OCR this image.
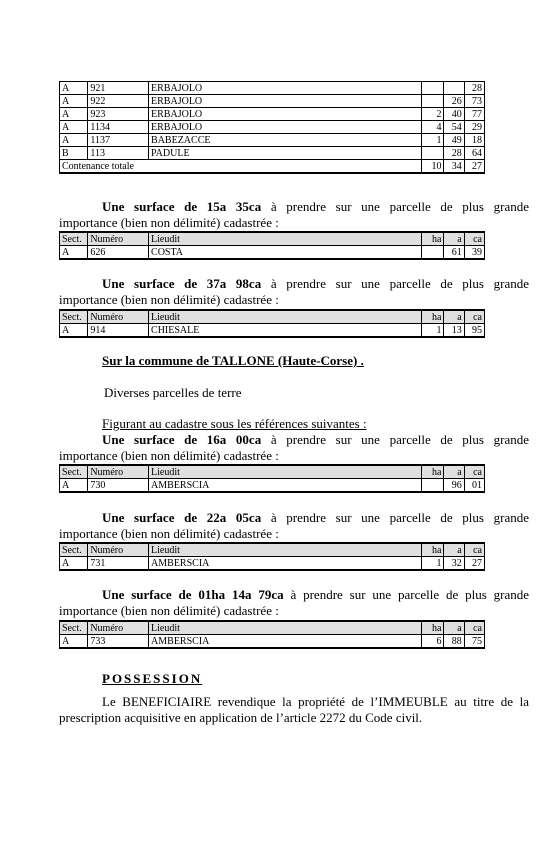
A	921	ERBAJOLO			28
A	922	ERBAJOLO		26	73
A	923	ERBAJOLO	2	40	77
A	1134	ERBAJOLO	4	54	29
A	1137	BABEZACCE	1	49	18
B	113	PADULE		28	64
Contenance totale			10	34	27
Une surface de 15a 35ca à prendre sur une parcelle de plus grande
importance (bien non délimité) cadastrée :
Sect.	Numéro	Lieudit	ha	a	ca
A	626	COSTA		61	39
Une surface de 37a 98ca à prendre sur une parcelle de plus grande
importance (bien non délimité) cadastrée :
Sect.	Numéro	Lieudit	ha	a	ca
A	914	CHIESALE	1	13	95
Sur la commune de TALLONE (Haute-Corse) .
Diverses parcelles de terre
Figurant au cadastre sous les références suivantes :
Une surface de 16a 00ca à prendre sur une parcelle de plus grande
importance (bien non délimité) cadastrée :
Sect.	Numéro	Lieudit	ha	a	ca
A	730	AMBERSCIA		96	01
Une surface de 22a 05ca à prendre sur une parcelle de plus grande
importance (bien non délimité) cadastrée :
Sect.	Numéro	Lieudit	ha	a	ca
A	731	AMBERSCIA	1	32	27
Une surface de 01ha 14a 79ca à prendre sur une parcelle de plus grande
importance (bien non délimité) cadastrée :
Sect.	Numéro	Lieudit	ha	a	ca
A	733	AMBERSCIA	6	88	75
POSSESSION
Le BENEFICIAIRE revendique la propriété de l’IMMEUBLE au titre de la
prescription acquisitive en application de l’article 2272 du Code civil.
